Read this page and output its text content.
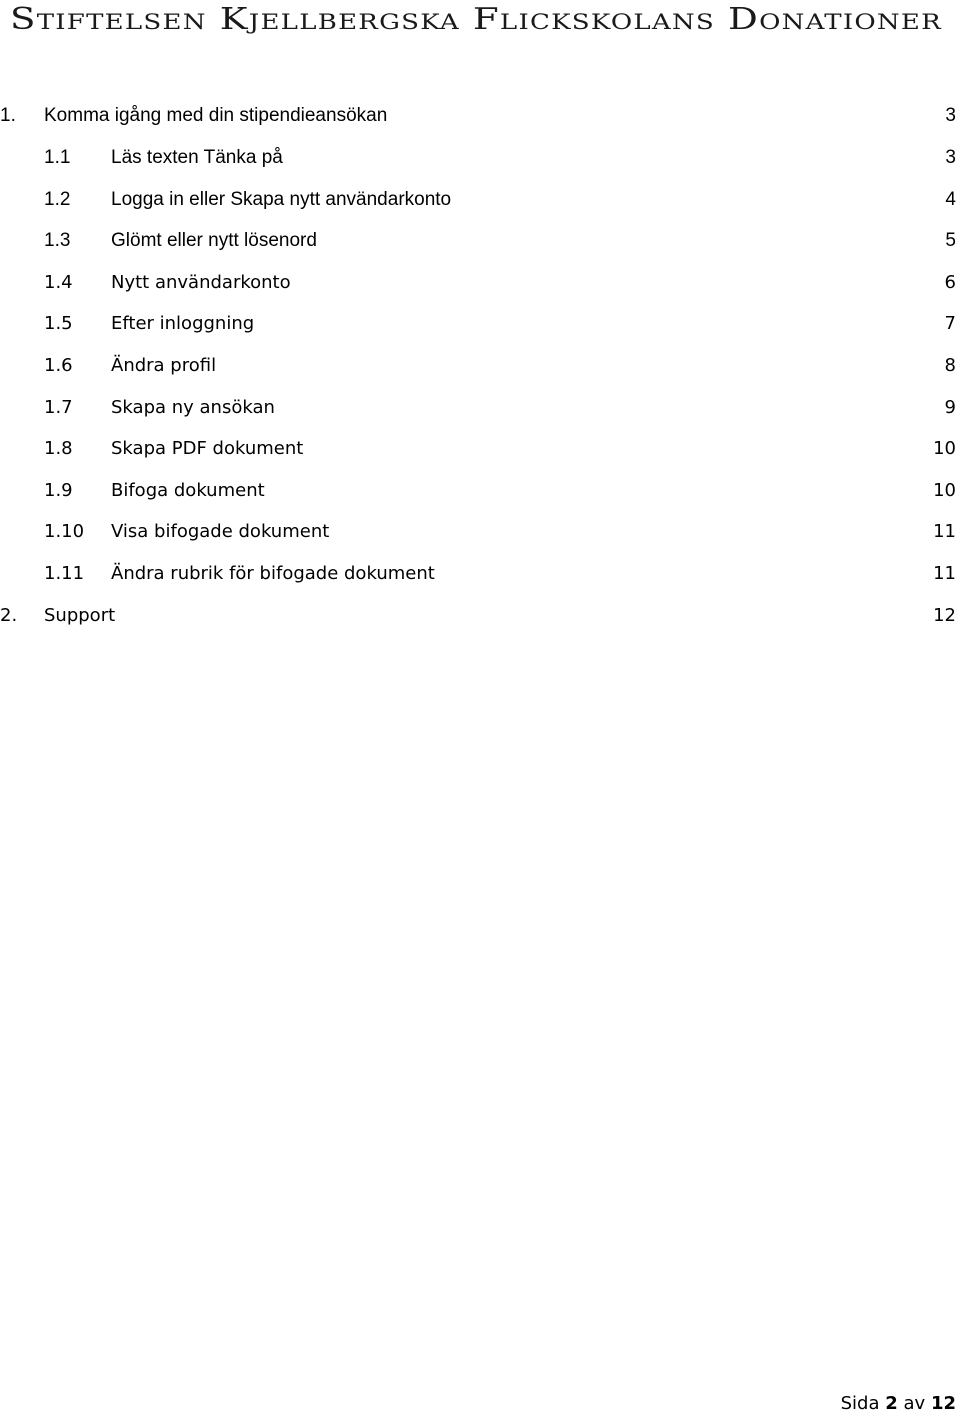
Stiftelsen Kjellbergska Flickskolans Donationer
1. Komma igång med din stipendieansökan	3
1.1 Läs texten Tänka på	3
1.2 Logga in eller Skapa nytt användarkonto	4
1.3 Glömt eller nytt lösenord	5
1.4 Nytt användarkonto	6
1.5 Efter inloggning	7
1.6 Ändra profil	8
1.7 Skapa ny ansökan	9
1.8 Skapa PDF dokument	10
1.9 Bifoga dokument	10
1.10 Visa bifogade dokument	11
1.11 Ändra rubrik för bifogade dokument	11
2. Support	12
Sida 2 av 12
